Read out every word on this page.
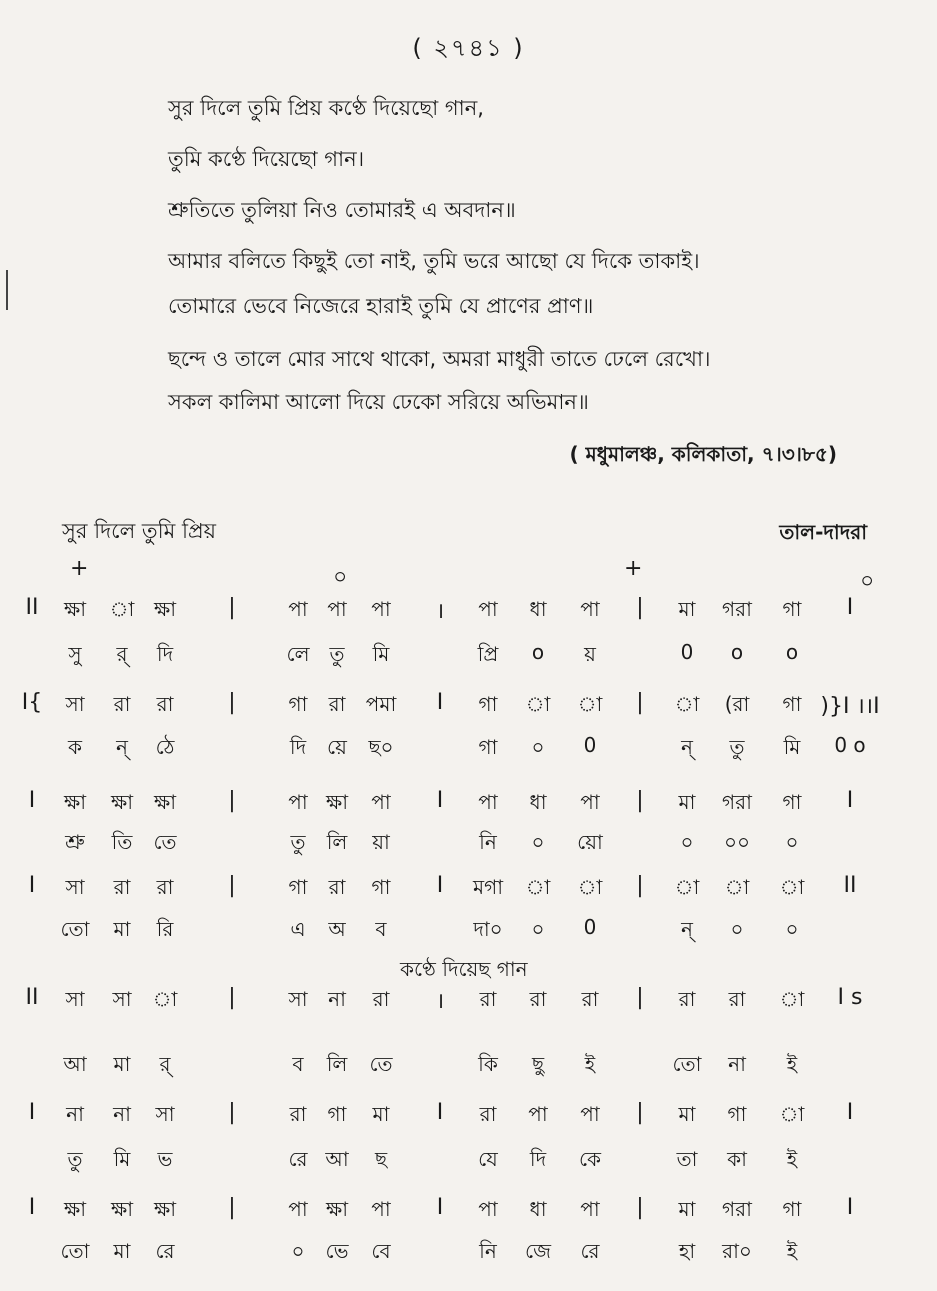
( ২৭৪১ )
সুর দিলে তুমি প্রিয় কণ্ঠে দিয়েছো গান,
তুমি কণ্ঠে দিয়েছো গান।
শ্রুতিতে তুলিয়া নিও তোমারই এ অবদান॥
আমার বলিতে কিছুই তো নাই, তুমি ভরে আছো যে দিকে তাকাই।
তোমারে ভেবে নিজেরে হারাই তুমি যে প্রাণের প্রাণ॥
ছন্দে ও তালে মোর সাথে থাকো, অমরা মাধুরী তাতে ঢেলে রেখো।
সকল কালিমা আলো দিয়ে ঢেকো সরিয়ে অভিমান॥
( মধুমালঞ্চ, কলিকাতা, ৭।৩।৮৫)
সুর দিলে তুমি প্রিয়	তাল-দাদরা
+	০	+
০
কণ্ঠে দিয়েছ গান
II ক্ষা া ক্ষা |	পা পা পা । পা ধা পা | মা গরা গা I
সু র্ দি	লে তু মি	প্রি o য়	0 o o
I{ সা রা রা |	গা রা পমা I গা া া | া (রা গা )}I ।।I
ক ন্ ঠে	দি য়ে ছ০	গা ০ 0	ন্ তু মি 0 o
I ক্ষা ক্ষা ক্ষা |	পা ক্ষা পা I পা ধা পা | মা গরা গা I
শ্রু তি তে	তু লি য়া	নি ০ য়ো	০ ০০ ০
I সা রা রা |	গা রা গা I মগা া া | া া া II
তো মা রি	এ অ ব	দা০ ০ 0	ন্ ০ ০
II সা সা া |	সা না রা । রা রা রা | রা রা া I s
আ মা র্	ব লি তে	কি ছু ই	তো না ই
I না না সা |	রা গা মা I রা পা পা | মা গা া I
তু মি ভ	রে আ ছ	যে দি কে	তা কা ই
I ক্ষা ক্ষা ক্ষা |	পা ক্ষা পা I পা ধা পা | মা গরা গা I
তো মা রে	০ ভে বে	নি জে রে	হা রা০ ই
